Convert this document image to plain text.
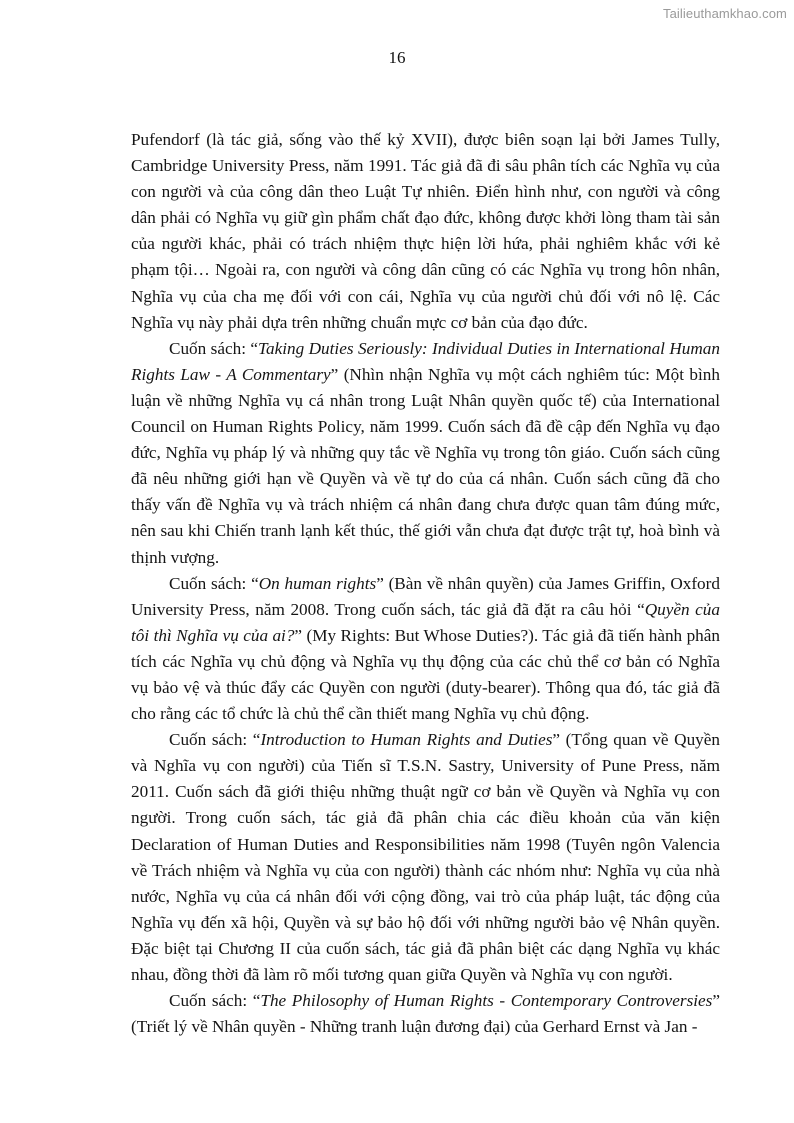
Tailieuthamkhao.com
16

Pufendorf (là tác giả, sống vào thế kỷ XVII), được biên soạn lại bởi James Tully, Cambridge University Press, năm 1991. Tác giả đã đi sâu phân tích các Nghĩa vụ của con người và của công dân theo Luật Tự nhiên. Điển hình như, con người và công dân phải có Nghĩa vụ giữ gìn phẩm chất đạo đức, không được khởi lòng tham tài sản của người khác, phải có trách nhiệm thực hiện lời hứa, phải nghiêm khắc với kẻ phạm tội… Ngoài ra, con người và công dân cũng có các Nghĩa vụ trong hôn nhân, Nghĩa vụ của cha mẹ đối với con cái, Nghĩa vụ của người chủ đối với nô lệ. Các Nghĩa vụ này phải dựa trên những chuẩn mực cơ bản của đạo đức.

Cuốn sách: “Taking Duties Seriously: Individual Duties in International Human Rights Law - A Commentary” (Nhìn nhận Nghĩa vụ một cách nghiêm túc: Một bình luận về những Nghĩa vụ cá nhân trong Luật Nhân quyền quốc tế) của International Council on Human Rights Policy, năm 1999. Cuốn sách đã đề cập đến Nghĩa vụ đạo đức, Nghĩa vụ pháp lý và những quy tắc về Nghĩa vụ trong tôn giáo. Cuốn sách cũng đã nêu những giới hạn về Quyền và về tự do của cá nhân. Cuốn sách cũng đã cho thấy vấn đề Nghĩa vụ và trách nhiệm cá nhân đang chưa được quan tâm đúng mức, nên sau khi Chiến tranh lạnh kết thúc, thế giới vẫn chưa đạt được trật tự, hoà bình và thịnh vượng.

Cuốn sách: “On human rights” (Bàn về nhân quyền) của James Griffin, Oxford University Press, năm 2008. Trong cuốn sách, tác giả đã đặt ra câu hỏi “Quyền của tôi thì Nghĩa vụ của ai?” (My Rights: But Whose Duties?). Tác giả đã tiến hành phân tích các Nghĩa vụ chủ động và Nghĩa vụ thụ động của các chủ thể cơ bản có Nghĩa vụ bảo vệ và thúc đẩy các Quyền con người (duty-bearer). Thông qua đó, tác giả đã cho rằng các tổ chức là chủ thể cần thiết mang Nghĩa vụ chủ động.

Cuốn sách: “Introduction to Human Rights and Duties” (Tổng quan về Quyền và Nghĩa vụ con người) của Tiến sĩ T.S.N. Sastry, University of Pune Press, năm 2011. Cuốn sách đã giới thiệu những thuật ngữ cơ bản về Quyền và Nghĩa vụ con người. Trong cuốn sách, tác giả đã phân chia các điều khoản của văn kiện Declaration of Human Duties and Responsibilities năm 1998 (Tuyên ngôn Valencia về Trách nhiệm và Nghĩa vụ của con người) thành các nhóm như: Nghĩa vụ của nhà nước, Nghĩa vụ của cá nhân đối với cộng đồng, vai trò của pháp luật, tác động của Nghĩa vụ đến xã hội, Quyền và sự bảo hộ đối với những người bảo vệ Nhân quyền. Đặc biệt tại Chương II của cuốn sách, tác giả đã phân biệt các dạng Nghĩa vụ khác nhau, đồng thời đã làm rõ mối tương quan giữa Quyền và Nghĩa vụ con người.

Cuốn sách: “The Philosophy of Human Rights - Contemporary Controversies” (Triết lý về Nhân quyền - Những tranh luận đương đại) của Gerhard Ernst và Jan -
